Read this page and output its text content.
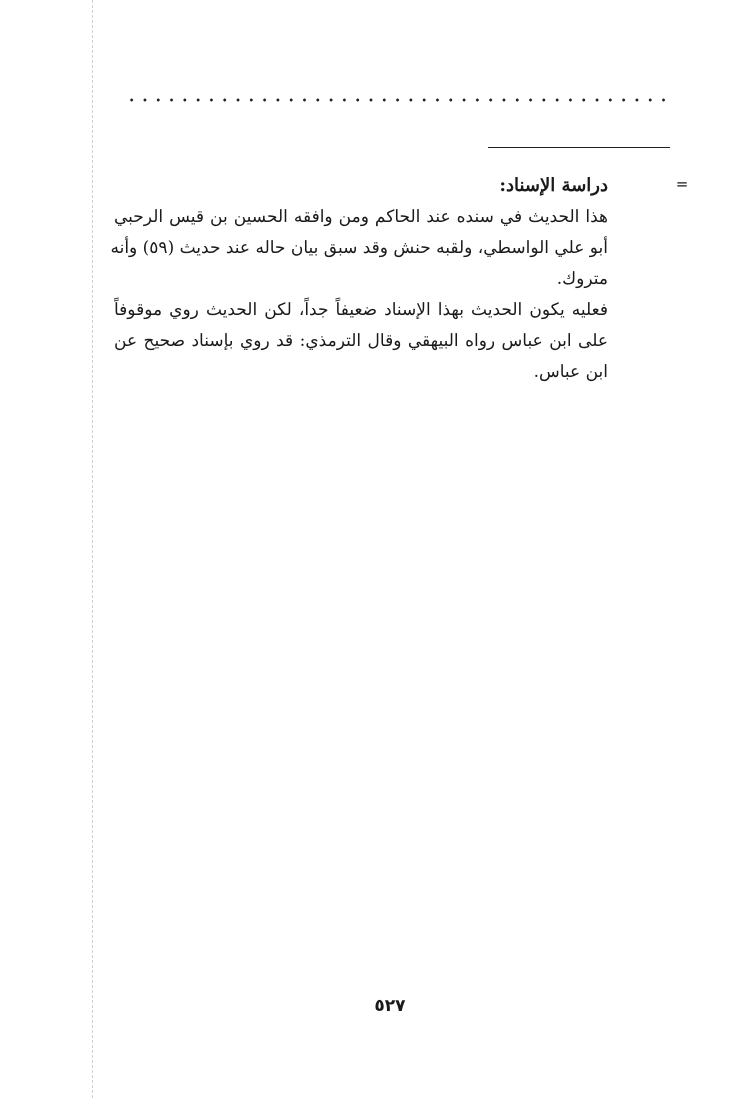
=
دراسة الإسناد:
هذا الحديث في سنده عند الحاكم ومن وافقه الحسين بن قيس الرحبي
أبو علي الواسطي، ولقبه حنش وقد سبق بيان حاله عند حديث (٥٩) وأنه
متروك.
فعليه يكون الحديث بهذا الإسناد ضعيفاً جداً، لكن الحديث روي موقوفاً
على ابن عباس رواه البيهقي وقال الترمذي: قد روي بإسناد صحيح عن
ابن عباس.
٥٢٧
